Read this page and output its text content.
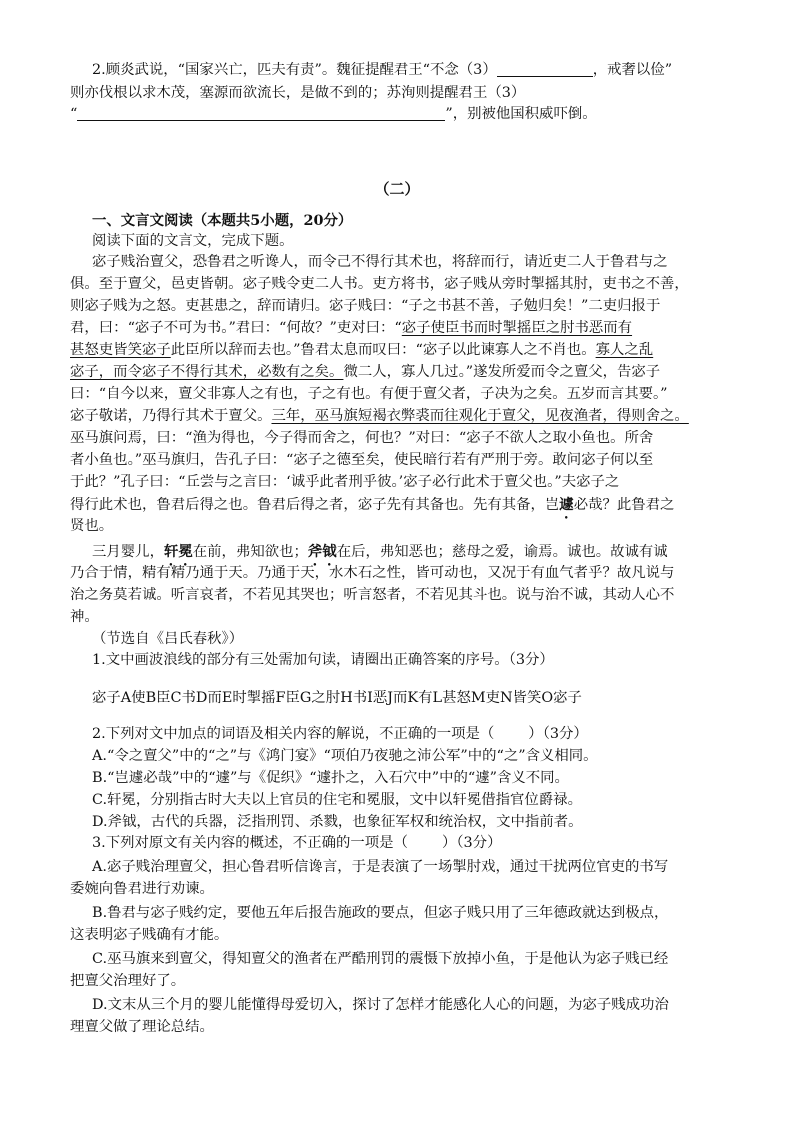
2.顾炎武说，“国家兴亡，匹夫有责”。魏征提醒君王“不念（3）	，戒奢以俭”
则亦伐根以求木茂，塞源而欲流长，是做不到的；苏洵则提醒君王（3）
“	”，别被他国积威吓倒。
（二）
一、文言文阅读（本题共5小题，20分）
阅读下面的文言文，完成下题。
宓子贱治亶父，恐鲁君之听谗人，而令己不得行其术也，将辞而行，请近吏二人于鲁君与之
俱。至于亶父，邑吏皆朝。宓子贱令吏二人书。吏方将书，宓子贱从旁时掣摇其肘，吏书之不善，
则宓子贱为之怒。吏甚患之，辞而请归。宓子贱曰：“子之书甚不善，子勉归矣！”二吏归报于
君，曰：“宓子不可为书。”君曰：“何故？”吏对曰：“宓子使臣书而时掣摇臣之肘书恶而有
甚怒吏皆笑宓子此臣所以辞而去也。”鲁君太息而叹曰：“宓子以此谏寡人之不肖也。寡人之乱
宓子，而令宓子不得行其术，必数有之矣。微二人，寡人几过。”遂发所爱而令之亶父，告宓子
曰：“自今以来，亶父非寡人之有也，子之有也。有便于亶父者，子决为之矣。五岁而言其要。”
宓子敬诺，乃得行其术于亶父。三年，巫马旗短褐衣弊裘而往观化于亶父，见夜渔者，得则舍之。
巫马旗问焉，曰：“渔为得也，今子得而舍之，何也？”对曰：“宓子不欲人之取小鱼也。所舍
者小鱼也。”巫马旗归，告孔子曰：“宓子之德至矣，使民暗行若有严刑于旁。敢问宓子何以至
于此？”孔子曰：“丘尝与之言曰：‘诚乎此者刑乎彼。’宓子必行此术于亶父也。”夫宓子之
得行此术也，鲁君后得之也。鲁君后得之者，宓子先有其备也。先有其备，岂遽必哉？此鲁君之
贤也。
三月婴儿，轩冕在前，弗知欲也；斧钺在后，弗知恶也；慈母之爱，谕焉。诚也。故诚有诚
乃合于情，精有精乃通于天。乃通于天，水木石之性，皆可动也，又况于有血气者乎？故凡说与
治之务莫若诚。听言哀者，不若见其哭也；听言怒者，不若见其斗也。说与治不诚，其动人心不
神。
（节选自《吕氏春秋》）
1.文中画波浪线的部分有三处需加句读，请圈出正确答案的序号。（3分）
宓子A使B臣C书D而E时掣摇F臣G之肘H书I恶J而K有L甚怒M吏N皆笑O宓子
2.下列对文中加点的词语及相关内容的解说，不正确的一项是（ ）（3分）
A.“令之亶父”中的“之”与《鸿门宴》“项伯乃夜驰之沛公军”中的“之”含义相同。
B.“岂遽必哉”中的“遽”与《促织》“遽扑之，入石穴中”中的“遽”含义不同。
C.轩冕，分别指古时大夫以上官员的住宅和冕服，文中以轩冕借指官位爵禄。
D.斧钺，古代的兵器，泛指刑罚、杀戮，也象征军权和统治权，文中指前者。
3.下列对原文有关内容的概述，不正确的一项是（ ）（3分）
A.宓子贱治理亶父，担心鲁君听信谗言，于是表演了一场掣肘戏，通过干扰两位官吏的书写
委婉向鲁君进行劝谏。
B.鲁君与宓子贱约定，要他五年后报告施政的要点，但宓子贱只用了三年德政就达到极点，
这表明宓子贱确有才能。
C.巫马旗来到亶父，得知亶父的渔者在严酷刑罚的震慑下放掉小鱼，于是他认为宓子贱已经
把亶父治理好了。
D.文末从三个月的婴儿能懂得母爱切入，探讨了怎样才能感化人心的问题，为宓子贱成功治
理亶父做了理论总结。
